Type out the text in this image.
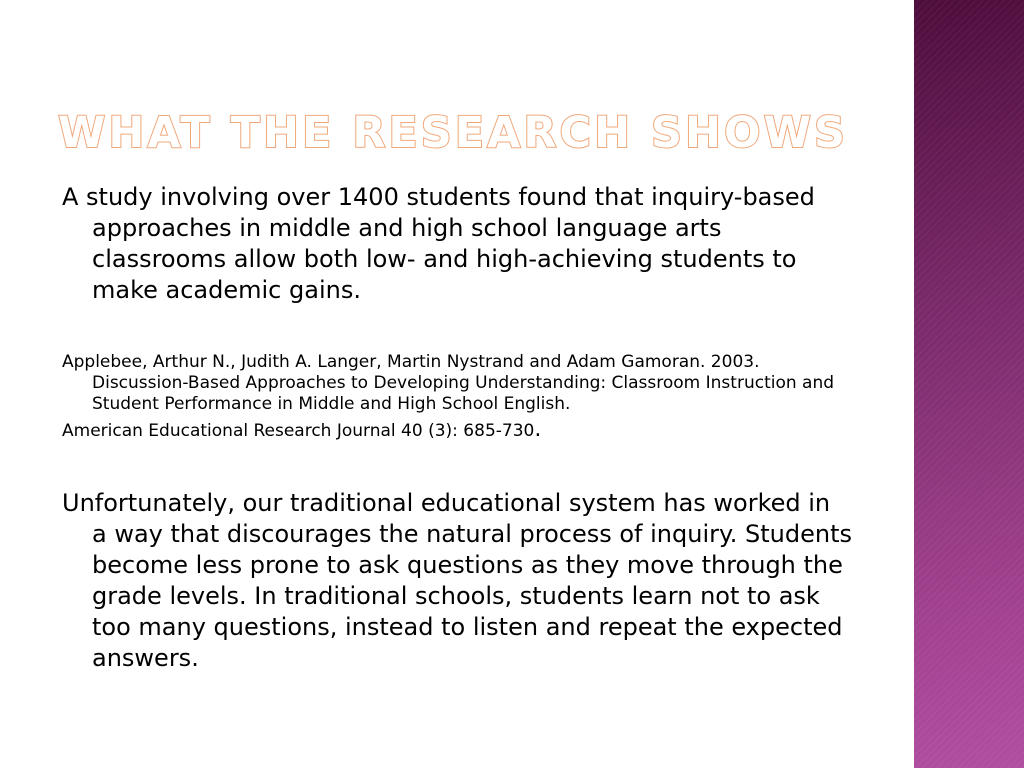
WHAT THE RESEARCH SHOWS

A study involving over 1400 students found that inquiry-based approaches in middle and high school language arts classrooms allow both low- and high-achieving students to make academic gains.

Applebee, Arthur N., Judith A. Langer, Martin Nystrand and Adam Gamoran. 2003. Discussion-Based Approaches to Developing Understanding: Classroom Instruction and Student Performance in Middle and High School English.
American Educational Research Journal 40 (3): 685-730.

Unfortunately, our traditional educational system has worked in a way that discourages the natural process of inquiry. Students become less prone to ask questions as they move through the grade levels. In traditional schools, students learn not to ask too many questions, instead to listen and repeat the expected answers.
